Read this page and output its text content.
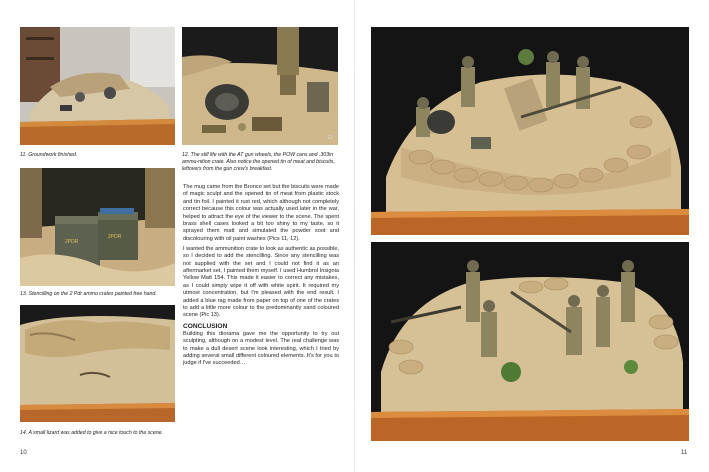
11. Groundwork finished.
12
12. The still life with the AT gun wheels, the POW cans and .303in ammu-nition crate. Also notice the opened tin of meat and biscuits, leftovers from the gun crew's breakfast.
2PDR
2PDR
13. Stencilling on the 2 Pdr ammo crates painted free hand.
14. A small lizard was added to give a nice touch to the scene.

The mug came from the Bronco set but the biscuits were made of magic sculpt and the opened tin of meat from plastic stock and tin foil. I painted it rust red, which although not completely correct because this colour was actually used later in the war, helped to attract the eye of the viewer to the scene. The spent brass shell cases looked a bit too shiny to my taste, so it sprayed them matt and simulated the powder soot and discolouring with oil paint washes (Pics 11, 12).

I wanted the ammunition crate to look as authentic as possible, so I decided to add the stencilling. Since any stencilling was not supplied with the set and I could not find it as an aftermarket set, I painted them myself. I used Humbrol Insignia Yellow Matt 154. This made it easier to correct any mistakes, as I could simply wipe it off with white spirit. It required my utmost concentration, but I'm pleased with the end result. I added a blue rag made from paper on top of one of the crates to add a little more colour to the predominantly sand coloured scene (Pic 13).

CONCLUSION

Building this diorama gave me the opportunity to try out sculpting, although on a modest level. The real challenge was to make a dull desert scene look interesting, which I tried by adding several small different coloured elements. It's for you to judge if I've succeeded…

10	11
